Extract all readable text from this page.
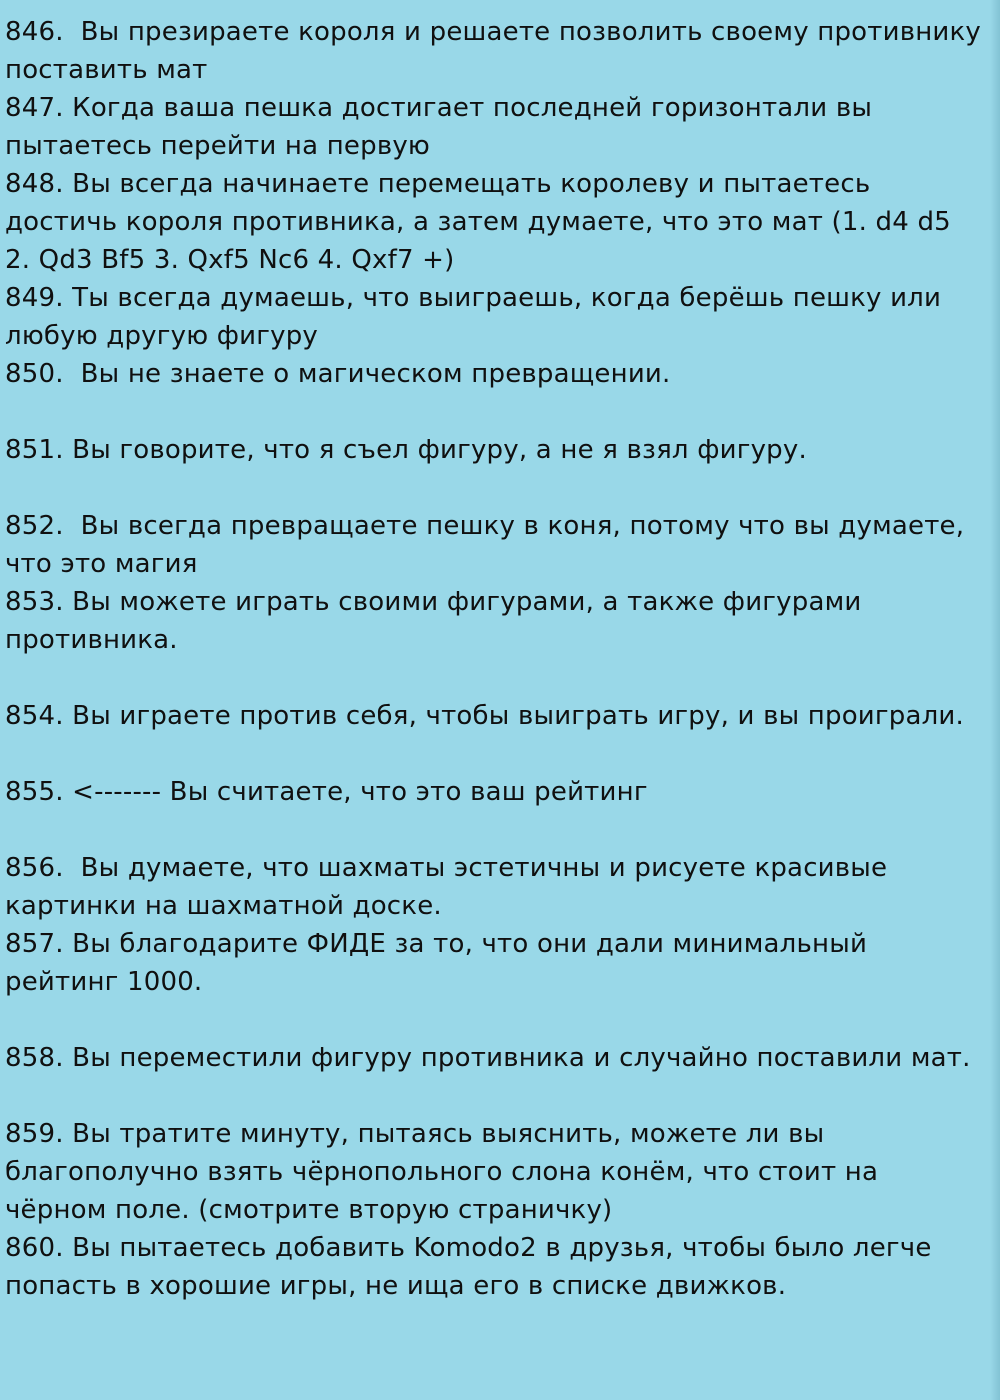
846.  Вы презираете короля и решаете позволить своему противнику поставить мат

847. Когда ваша пешка достигает последней горизонтали вы пытаетесь перейти на первую

848. Вы всегда начинаете перемещать королеву и пытаетесь достичь короля противника, а затем думаете, что это мат (1. d4 d5 2. Qd3 Bf5 3. Qxf5 Nc6 4. Qxf7 +)

849. Ты всегда думаешь, что выиграешь, когда берёшь пешку или любую другую фигуру

850.  Вы не знаете о магическом превращении.

851. Вы говорите, что я съел фигуру, а не я взял фигуру.

852.  Вы всегда превращаете пешку в коня, потому что вы думаете, что это магия

853. Вы можете играть своими фигурами, а также фигурами противника.

854. Вы играете против себя, чтобы выиграть игру, и вы проиграли.

855. <------- Вы считаете, что это ваш рейтинг

856.  Вы думаете, что шахматы эстетичны и рисуете красивые картинки на шахматной доске.

857. Вы благодарите ФИДЕ за то, что они дали минимальный рейтинг 1000.

858. Вы переместили фигуру противника и случайно поставили мат.

859. Вы тратите минуту, пытаясь выяснить, можете ли вы благополучно взять чёрнопольного слона конём, что стоит на чёрном поле. (смотрите вторую страничку)

860. Вы пытаетесь добавить Komodo2 в друзья, чтобы было легче попасть в хорошие игры, не ища его в списке движков.
